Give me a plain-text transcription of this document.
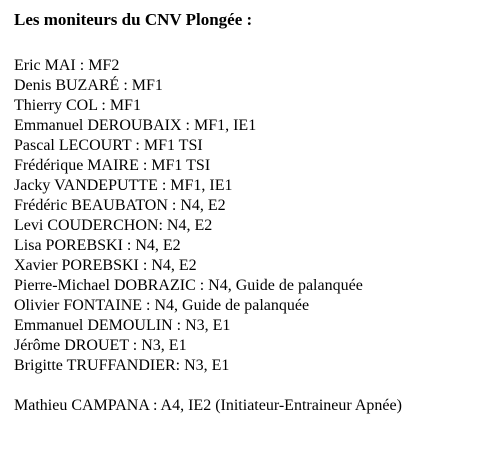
Les moniteurs du CNV Plongée :
Eric MAI : MF2
Denis BUZARÉ : MF1
Thierry COL : MF1
Emmanuel DEROUBAIX : MF1, IE1
Pascal LECOURT : MF1 TSI
Frédérique MAIRE : MF1 TSI
Jacky VANDEPUTTE : MF1, IE1
Frédéric BEAUBATON : N4, E2
Levi COUDERCHON: N4, E2
Lisa POREBSKI : N4, E2
Xavier POREBSKI : N4, E2
Pierre-Michael DOBRAZIC : N4, Guide de palanquée
Olivier FONTAINE : N4, Guide de palanquée
Emmanuel DEMOULIN : N3, E1
Jérôme DROUET : N3, E1
Brigitte TRUFFANDIER: N3, E1
Mathieu CAMPANA : A4, IE2 (Initiateur-Entraineur Apnée)
